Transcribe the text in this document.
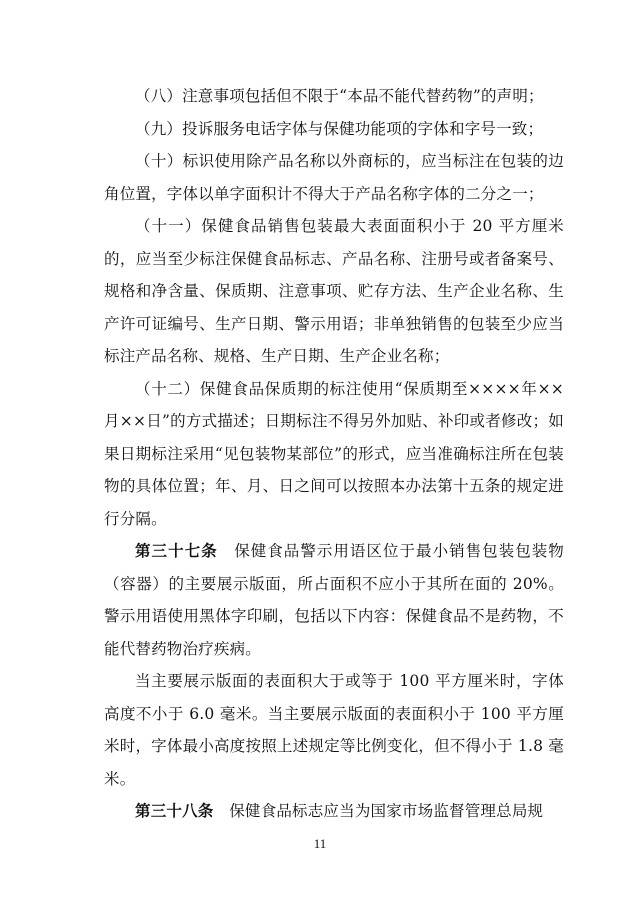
（八）注意事项包括但不限于“本品不能代替药物”的声明；

（九）投诉服务电话字体与保健功能项的字体和字号一致；

（十）标识使用除产品名称以外商标的，应当标注在包装的边角位置，字体以单字面积计不得大于产品名称字体的二分之一；

（十一）保健食品销售包装最大表面面积小于 20 平方厘米的，应当至少标注保健食品标志、产品名称、注册号或者备案号、规格和净含量、保质期、注意事项、贮存方法、生产企业名称、生产许可证编号、生产日期、警示用语；非单独销售的包装至少应当标注产品名称、规格、生产日期、生产企业名称；

（十二）保健食品保质期的标注使用“保质期至××××年××月××日”的方式描述；日期标注不得另外加贴、补印或者修改；如果日期标注采用“见包装物某部位”的形式，应当准确标注所在包装物的具体位置；年、月、日之间可以按照本办法第十五条的规定进行分隔。

第三十七条　保健食品警示用语区位于最小销售包装包装物（容器）的主要展示版面，所占面积不应小于其所在面的 20%。警示用语使用黑体字印刷，包括以下内容：保健食品不是药物，不能代替药物治疗疾病。

当主要展示版面的表面积大于或等于 100 平方厘米时，字体高度不小于 6.0 毫米。当主要展示版面的表面积小于 100 平方厘米时，字体最小高度按照上述规定等比例变化，但不得小于 1.8 毫米。

第三十八条　保健食品标志应当为国家市场监督管理总局规

11
